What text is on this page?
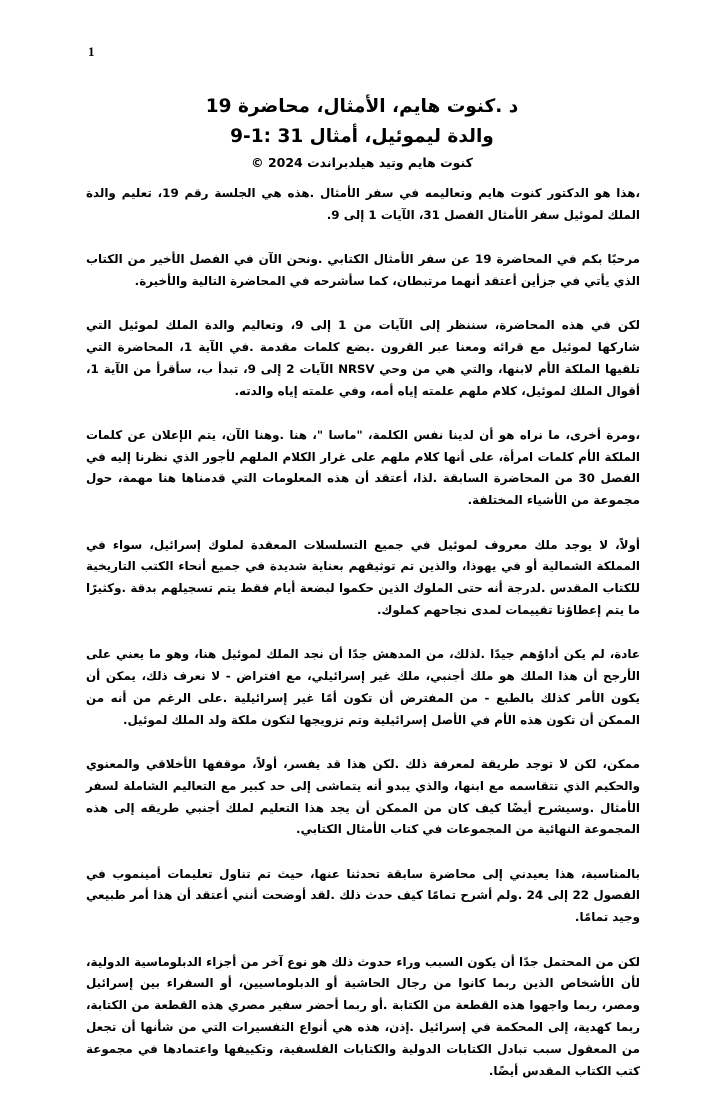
1

د .كنوت هايم، الأمثال، محاضرة 19

والدة ليموئيل، أمثال 31 :1-9

كنوت هايم وتيد هيلدبراندت 2024 ©

،هذا هو الدكتور كنوت هايم وتعاليمه في سفر الأمثال .هذه هي الجلسة رقم 19، تعليم والدة الملك لموئيل سفر الأمثال الفصل 31، الآيات 1 إلى 9.

مرحبًا بكم في المحاضرة 19 عن سفر الأمثال الكتابي .ونحن الآن في الفصل الأخير من الكتاب الذي يأتي في جزأين أعتقد أنهما مرتبطان، كما سأشرحه في المحاضرة التالية والأخيرة.

لكن في هذه المحاضرة، سننظر إلى الآيات من 1 إلى 9، وتعاليم والدة الملك لموئيل التي شاركها لموئيل مع قرائه ومعنا عبر القرون .بضع كلمات مقدمة .في الآية 1، المحاضرة التي تلقيها الملكة الأم لابنها، والتي هي من وحي NRSV الآيات 2 إلى 9، تبدأ ب، سأقرأ من الآية 1، أقوال الملك لموئيل، كلام ملهم علمته إياه أمه، وفي علمته إياه والدته.

،ومرة أخرى، ما نراه هو أن لدينا نفس الكلمة، "ماسا "، هنا .وهنا الآن، يتم الإعلان عن كلمات الملكة الأم كلمات امرأة، على أنها كلام ملهم على غرار الكلام الملهم لأجور الذي نظرنا إليه في الفصل 30 من المحاضرة السابقة .لذا، أعتقد أن هذه المعلومات التي قدمناها هنا مهمة، حول مجموعة من الأشياء المختلفة.

أولاً، لا يوجد ملك معروف لموئيل في جميع التسلسلات المعقدة لملوك إسرائيل، سواء في المملكة الشمالية أو في يهوذا، والذين تم توثيقهم بعناية شديدة في جميع أنحاء الكتب التاريخية للكتاب المقدس .لدرجة أنه حتى الملوك الذين حكموا لبضعة أيام فقط يتم تسجيلهم بدقة .وكثيرًا ما يتم إعطاؤنا تقييمات لمدى نجاحهم كملوك.

عادة، لم يكن أداؤهم جيدًا .لذلك، من المدهش جدًا أن نجد الملك لموئيل هنا، وهو ما يعني على الأرجح أن هذا الملك هو ملك أجنبي، ملك غير إسرائيلي، مع افتراض - لا نعرف ذلك، يمكن أن يكون الأمر كذلك بالطبع - من المفترض أن تكون أمًا غير إسرائيلية .على الرغم من أنه من الممكن أن تكون هذه الأم في الأصل إسرائيلية وتم تزويجها لتكون ملكة ولد الملك لموئيل.

ممكن، لكن لا توجد طريقة لمعرفة ذلك .لكن هذا قد يفسر، أولاً، موقفها الأخلاقي والمعنوي والحكيم الذي تتقاسمه مع ابنها، والذي يبدو أنه يتماشى إلى حد كبير مع التعاليم الشاملة لسفر الأمثال .وسيشرح أيضًا كيف كان من الممكن أن يجد هذا التعليم لملك أجنبي طريقه إلى هذه المجموعة النهائية من المجموعات في كتاب الأمثال الكتابي.

بالمناسبة، هذا يعيدني إلى محاضرة سابقة تحدثنا عنها، حيث تم تناول تعليمات أمينموب في الفصول 22 إلى 24 .ولم أشرح تمامًا كيف حدث ذلك .لقد أوضحت أنني أعتقد أن هذا أمر طبيعي وجيد تمامًا.

لكن من المحتمل جدًا أن يكون السبب وراء حدوث ذلك هو نوع آخر من أجزاء الدبلوماسية الدولية، لأن الأشخاص الذين ربما كانوا من رجال الحاشية أو الدبلوماسيين، أو السفراء بين إسرائيل ومصر، ربما واجهوا هذه القطعة من الكتابة .أو ربما أحضر سفير مصري هذه القطعة من الكتابة، ربما كهدية، إلى المحكمة في إسرائيل .إذن، هذه هي أنواع التفسيرات التي من شأنها أن تجعل من المعقول سبب تبادل الكتابات الدولية والكتابات الفلسفية، وتكييفها واعتمادها في مجموعة كتب الكتاب المقدس أيضًا.
